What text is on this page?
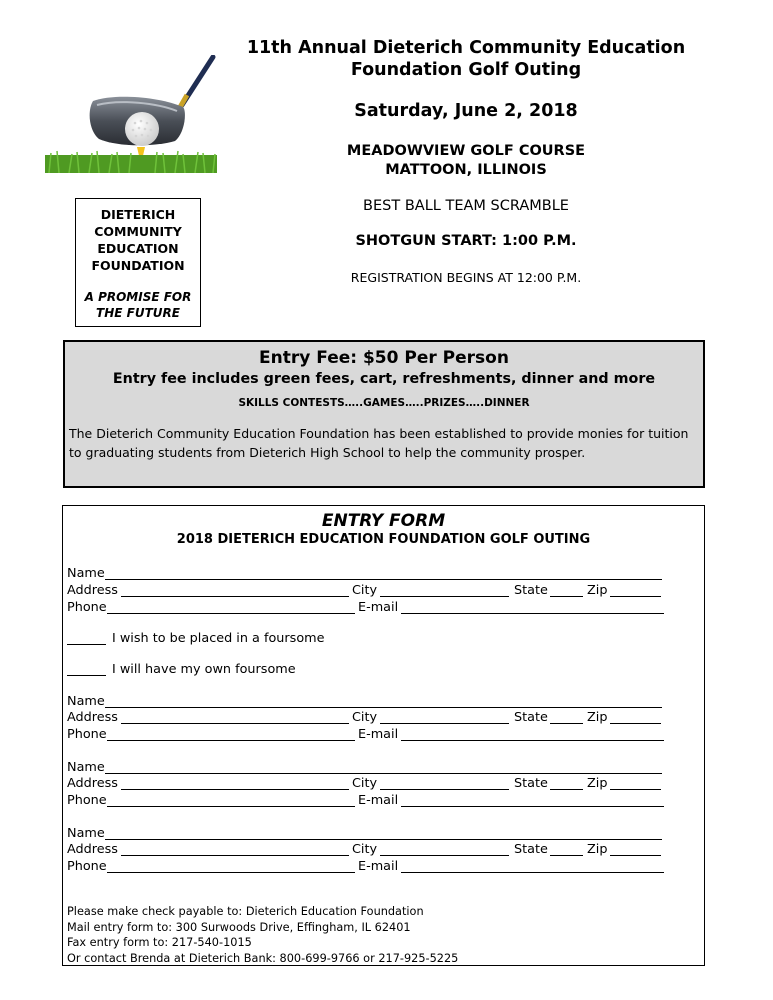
11th Annual Dieterich Community Education
Foundation Golf Outing
Saturday, June 2, 2018
MEADOWVIEW GOLF COURSE
MATTOON, ILLINOIS
BEST BALL TEAM SCRAMBLE
SHOTGUN START: 1:00 P.M.
REGISTRATION BEGINS AT 12:00 P.M.
DIETERICH
COMMUNITY
EDUCATION
FOUNDATION
A PROMISE FOR
THE FUTURE
Entry Fee: $50 Per Person
Entry fee includes green fees, cart, refreshments, dinner and more
SKILLS CONTESTS…..GAMES…..PRIZES…..DINNER
The Dieterich Community Education Foundation has been established to provide monies for tuition
to graduating students from Dieterich High School to help the community prosper.
ENTRY FORM
2018 DIETERICH EDUCATION FOUNDATION GOLF OUTING
Name
Address	City	State	Zip
Phone	E-mail
I wish to be placed in a foursome
I will have my own foursome
Name
Address	City	State	Zip
Phone	E-mail
Name
Address	City	State	Zip
Phone	E-mail
Name
Address	City	State	Zip
Phone	E-mail
Please make check payable to: Dieterich Education Foundation
Mail entry form to: 300 Surwoods Drive, Effingham, IL 62401
Fax entry form to: 217-540-1015
Or contact Brenda at Dieterich Bank: 800-699-9766 or 217-925-5225
